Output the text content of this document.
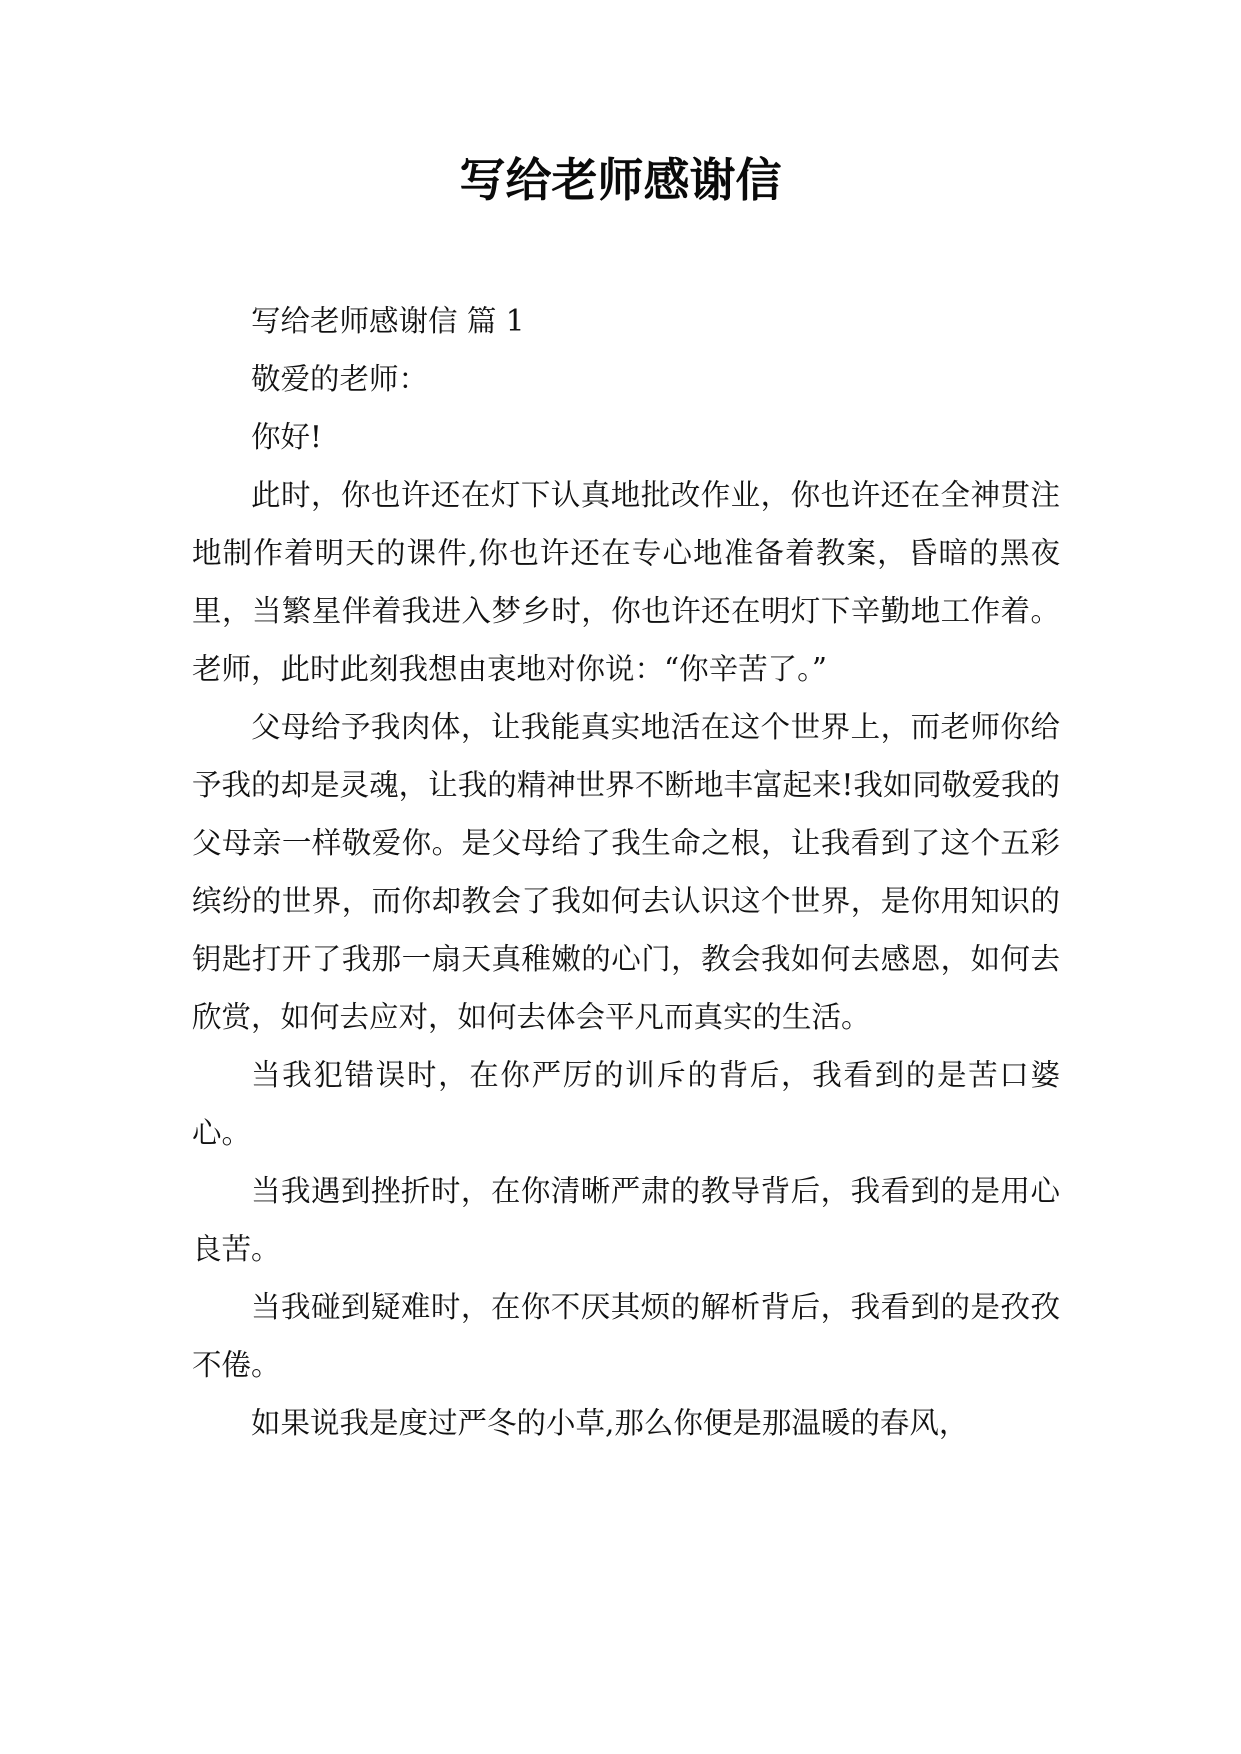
写给老师感谢信

写给老师感谢信 篇 1

敬爱的老师：

你好!

此时，你也许还在灯下认真地批改作业，你也许还在全神贯注地制作着明天的课件,你也许还在专心地准备着教案，昏暗的黑夜里，当繁星伴着我进入梦乡时，你也许还在明灯下辛勤地工作着。老师，此时此刻我想由衷地对你说：“你辛苦了。”

父母给予我肉体，让我能真实地活在这个世界上，而老师你给予我的却是灵魂，让我的精神世界不断地丰富起来!我如同敬爱我的父母亲一样敬爱你。是父母给了我生命之根，让我看到了这个五彩缤纷的世界，而你却教会了我如何去认识这个世界，是你用知识的钥匙打开了我那一扇天真稚嫩的心门，教会我如何去感恩，如何去欣赏，如何去应对，如何去体会平凡而真实的生活。

当我犯错误时，在你严厉的训斥的背后，我看到的是苦口婆心。

当我遇到挫折时，在你清晰严肃的教导背后，我看到的是用心良苦。

当我碰到疑难时，在你不厌其烦的解析背后，我看到的是孜孜不倦。

如果说我是度过严冬的小草,那么你便是那温暖的春风，
